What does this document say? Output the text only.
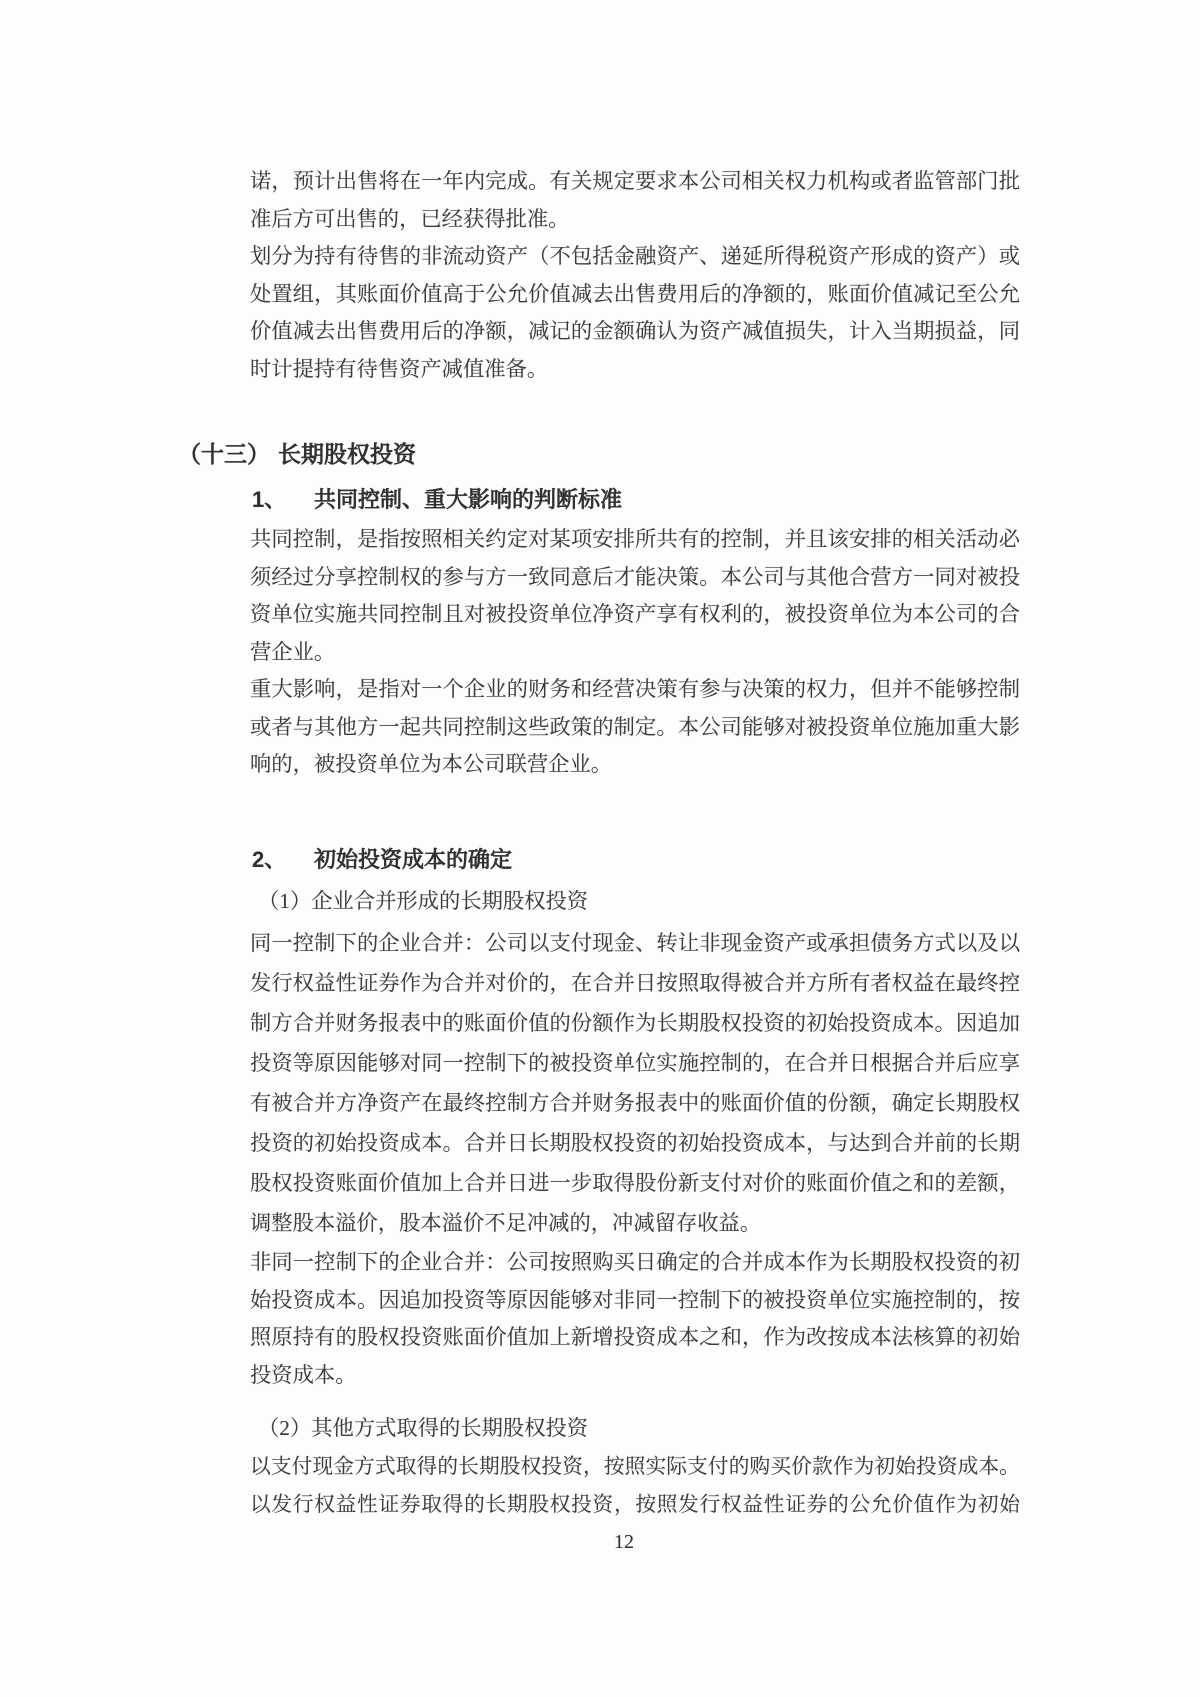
诺，预计出售将在一年内完成。有关规定要求本公司相关权力机构或者监管部门批
准后方可出售的，已经获得批准。
划分为持有待售的非流动资产（不包括金融资产、递延所得税资产形成的资产）或
处置组，其账面价值高于公允价值减去出售费用后的净额的，账面价值减记至公允
价值减去出售费用后的净额，减记的金额确认为资产减值损失，计入当期损益，同
时计提持有待售资产减值准备。
（十三） 长期股权投资
1、	共同控制、重大影响的判断标准
共同控制，是指按照相关约定对某项安排所共有的控制，并且该安排的相关活动必
须经过分享控制权的参与方一致同意后才能决策。本公司与其他合营方一同对被投
资单位实施共同控制且对被投资单位净资产享有权利的，被投资单位为本公司的合
营企业。
重大影响，是指对一个企业的财务和经营决策有参与决策的权力，但并不能够控制
或者与其他方一起共同控制这些政策的制定。本公司能够对被投资单位施加重大影
响的，被投资单位为本公司联营企业。
2、	初始投资成本的确定
（1）企业合并形成的长期股权投资
同一控制下的企业合并：公司以支付现金、转让非现金资产或承担债务方式以及以
发行权益性证券作为合并对价的，在合并日按照取得被合并方所有者权益在最终控
制方合并财务报表中的账面价值的份额作为长期股权投资的初始投资成本。因追加
投资等原因能够对同一控制下的被投资单位实施控制的，在合并日根据合并后应享
有被合并方净资产在最终控制方合并财务报表中的账面价值的份额，确定长期股权
投资的初始投资成本。合并日长期股权投资的初始投资成本，与达到合并前的长期
股权投资账面价值加上合并日进一步取得股份新支付对价的账面价值之和的差额，
调整股本溢价，股本溢价不足冲减的，冲减留存收益。
非同一控制下的企业合并：公司按照购买日确定的合并成本作为长期股权投资的初
始投资成本。因追加投资等原因能够对非同一控制下的被投资单位实施控制的，按
照原持有的股权投资账面价值加上新增投资成本之和，作为改按成本法核算的初始
投资成本。
（2）其他方式取得的长期股权投资
以支付现金方式取得的长期股权投资，按照实际支付的购买价款作为初始投资成本。
以发行权益性证券取得的长期股权投资，按照发行权益性证券的公允价值作为初始
12
